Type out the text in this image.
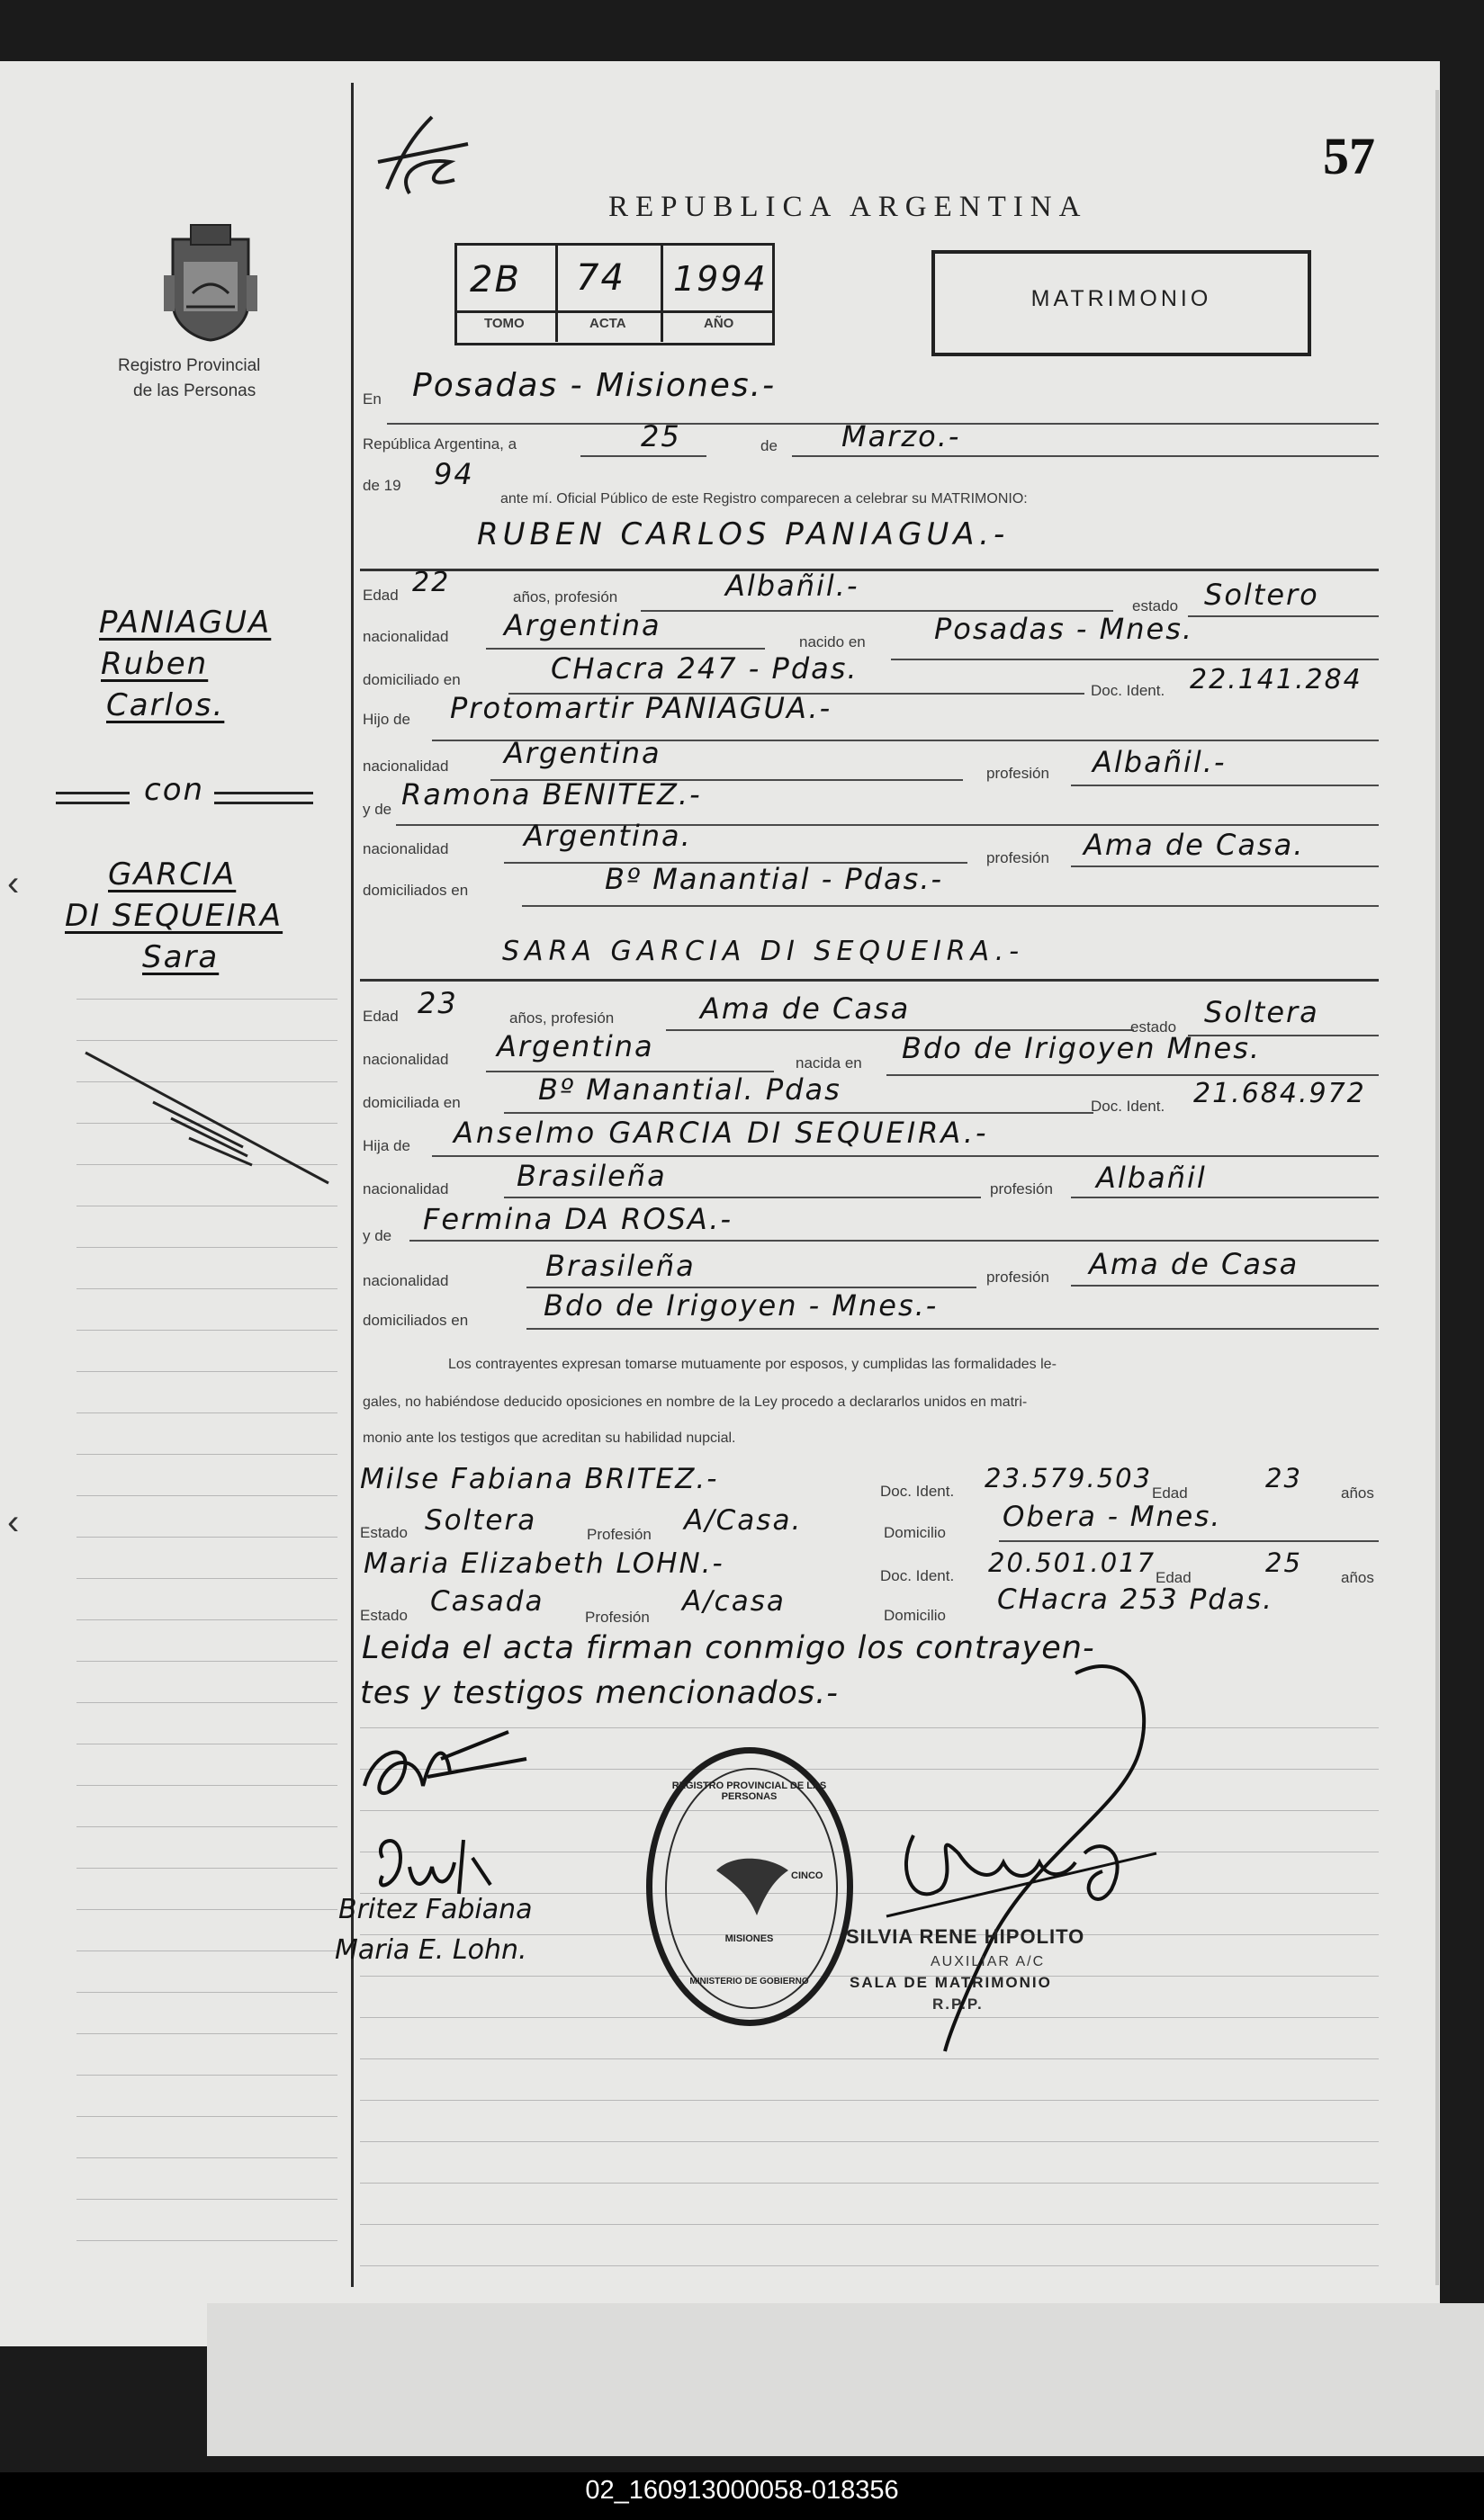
57
REPUBLICA ARGENTINA
2B 74 1994
TOMO	ACTA	AÑO
MATRIMONIO
Registro Provincial
de las Personas
PANIAGUA
Ruben
Carlos.
con
GARCIA
DI SEQUEIRA
Sara
‹
‹
En Posadas - Misiones.-
República Argentina, a	25	de Marzo.-
de 19 94
ante mí. Oficial Público de este Registro comparecen a celebrar su MATRIMONIO:
RUBEN CARLOS PANIAGUA.-
Edad 22	años, profesión	Albañil.-
estado Soltero
nacionalidad Argentina	nacido en Posadas - Mnes.
domiciliado en	CHacra 247 - Pdas.
Doc. Ident. 22.141.284
Hijo de Protomartir PANIAGUA.-
nacionalidad Argentina
profesión Albañil.-
y de Ramona BENITEZ.-
nacionalidad	Argentina.
profesión Ama de Casa.
domiciliados en	Bº Manantial - Pdas.-
SARA GARCIA DI SEQUEIRA.-
Edad 23	años, profesión	Ama de Casa
estado Soltera
nacionalidad Argentina	nacida en Bdo de Irigoyen Mnes.
domiciliada en	Bº Manantial. Pdas	Doc. Ident. 21.684.972
Hija de Anselmo GARCIA DI SEQUEIRA.-
nacionalidad Brasileña	profesión Albañil
y de Fermina DA ROSA.-
nacionalidad	Brasileña	profesión Ama de Casa
domiciliados en	Bdo de Irigoyen - Mnes.-
Los contrayentes expresan tomarse mutuamente por esposos, y cumplidas las formalidades le-
gales, no habiéndose deducido oposiciones en nombre de la Ley procedo a declararlos unidos en matri-
monio ante los testigos que acreditan su habilidad nupcial.
Milse Fabiana BRITEZ.-	Doc. Ident. 23.579.503 Edad	23	años
Estado Soltera	Profesión A/Casa.	Domicilio Obera - Mnes.
Maria Elizabeth LOHN.-	Doc. Ident. 20.501.017 Edad	25	años
Estado Casada	Profesión A/casa	Domicilio CHacra 253 Pdas.
Leida el acta firman conmigo los contrayen-
tes y testigos mencionados.-
Britez Fabiana
Maria E. Lohn.
REGISTRO PROVINCIAL DE LAS PERSONAS
MISIONES
MINISTERIO DE GOBIERNO
CINCO
SILVIA RENE HIPOLITO
AUXILIAR A/C
SALA DE MATRIMONIO
R.P.P.
02_160913000058-018356
